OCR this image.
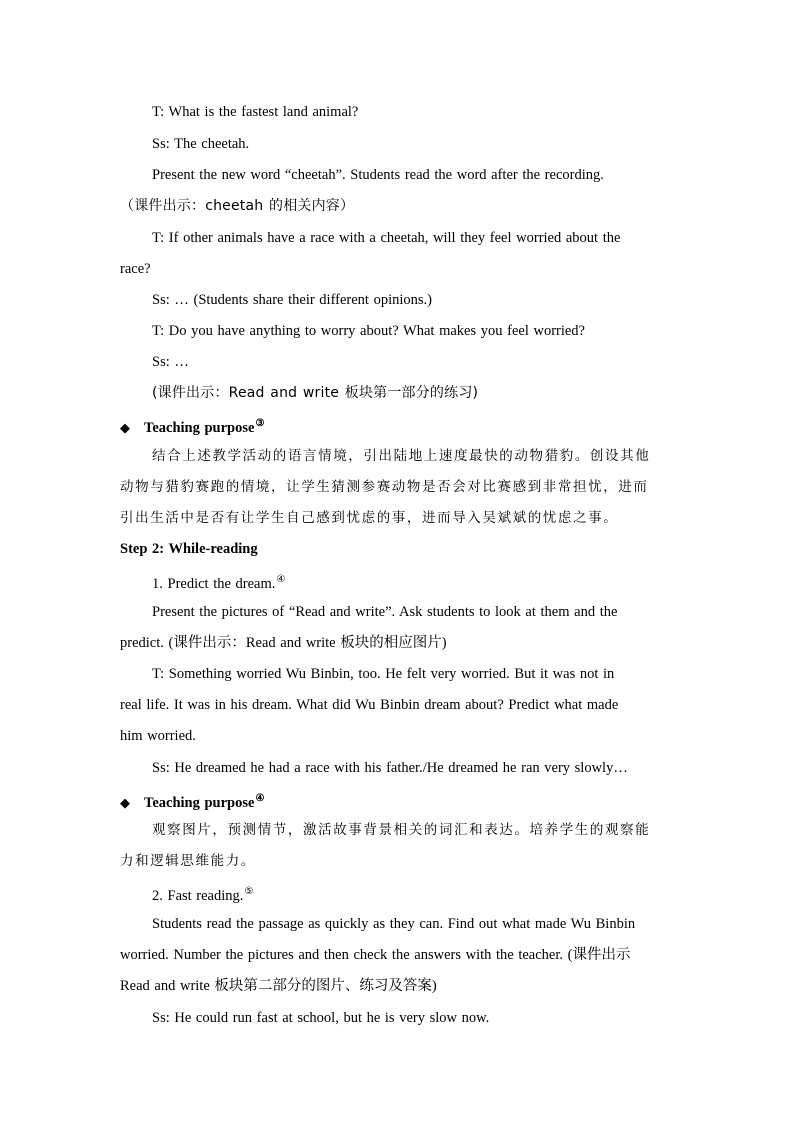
T: What is the fastest land animal?
Ss: The cheetah.
Present the new word “cheetah”. Students read the word after the recording.
（课件出示：cheetah 的相关内容）
T: If other animals have a race with a cheetah, will they feel worried about the
race?
Ss: … (Students share their different opinions.)
T: Do you have anything to worry about? What makes you feel worried?
Ss: …
(课件出示：Read and write 板块第一部分的练习)
◆ Teaching purpose③
结合上述教学活动的语言情境，引出陆地上速度最快的动物猎豹。创设其他
动物与猎豹赛跑的情境，让学生猜测参赛动物是否会对比赛感到非常担忧，进而
引出生活中是否有让学生自己感到忧虑的事，进而导入吴斌斌的忧虑之事。
Step 2: While-reading
1. Predict the dream.④
Present the pictures of “Read and write”. Ask students to look at them and the
predict. (课件出示：Read and write 板块的相应图片)
T: Something worried Wu Binbin, too. He felt very worried. But it was not in
real life. It was in his dream. What did Wu Binbin dream about? Predict what made
him worried.
Ss: He dreamed he had a race with his father./He dreamed he ran very slowly…
◆ Teaching purpose④
观察图片，预测情节，激活故事背景相关的词汇和表达。培养学生的观察能
力和逻辑思维能力。
2. Fast reading.⑤
Students read the passage as quickly as they can. Find out what made Wu Binbin
worried. Number the pictures and then check the answers with the teacher. (课件出示
Read and write 板块第二部分的图片、练习及答案)
Ss: He could run fast at school, but he is very slow now.
